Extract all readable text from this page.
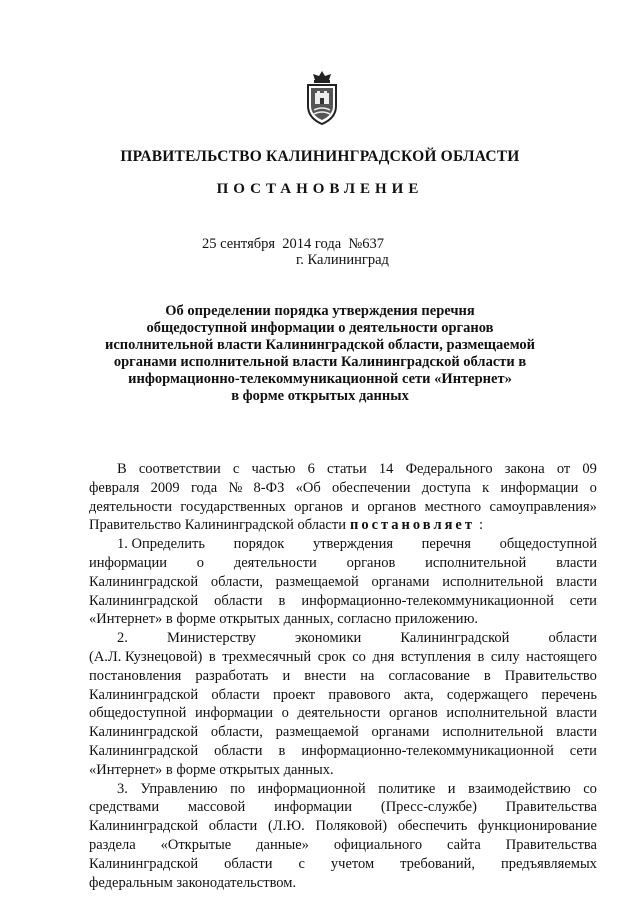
ПРАВИТЕЛЬСТВО КАЛИНИНГРАДСКОЙ ОБЛАСТИ
ПОСТАНОВЛЕНИЕ
25 сентября  2014 года  №637
г. Калининград
Об определении порядка утверждения перечня
общедоступной информации о деятельности органов
исполнительной власти Калининградской области, размещаемой
органами исполнительной власти Калининградской области в
информационно-телекоммуникационной сети «Интернет»
в форме открытых данных
В соответствии с частью 6 статьи 14 Федерального закона от 09
февраля 2009 года № 8-ФЗ «Об обеспечении доступа к информации о
деятельности государственных органов и органов местного самоуправления»
Правительство Калининградской области постановляет :
1. Определить порядок утверждения перечня общедоступной
информации о деятельности органов исполнительной власти
Калининградской области, размещаемой органами исполнительной власти
Калининградской области в информационно-телекоммуникационной сети
«Интернет» в форме открытых данных, согласно приложению.
2.	Министерству	экономики	Калининградской	области
(А.Л. Кузнецовой) в трехмесячный срок со дня вступления в силу настоящего
постановления разработать и внести на согласование в Правительство
Калининградской области проект правового акта, содержащего перечень
общедоступной информации о деятельности органов исполнительной власти
Калининградской области, размещаемой органами исполнительной власти
Калининградской области в информационно-телекоммуникационной сети
«Интернет» в форме открытых данных.
3. Управлению по информационной политике и взаимодействию со
средствами массовой информации (Пресс-службе) Правительства
Калининградской области (Л.Ю. Поляковой) обеспечить функционирование
раздела «Открытые данные» официального сайта Правительства
Калининградской области с учетом требований, предъявляемых
федеральным законодательством.
